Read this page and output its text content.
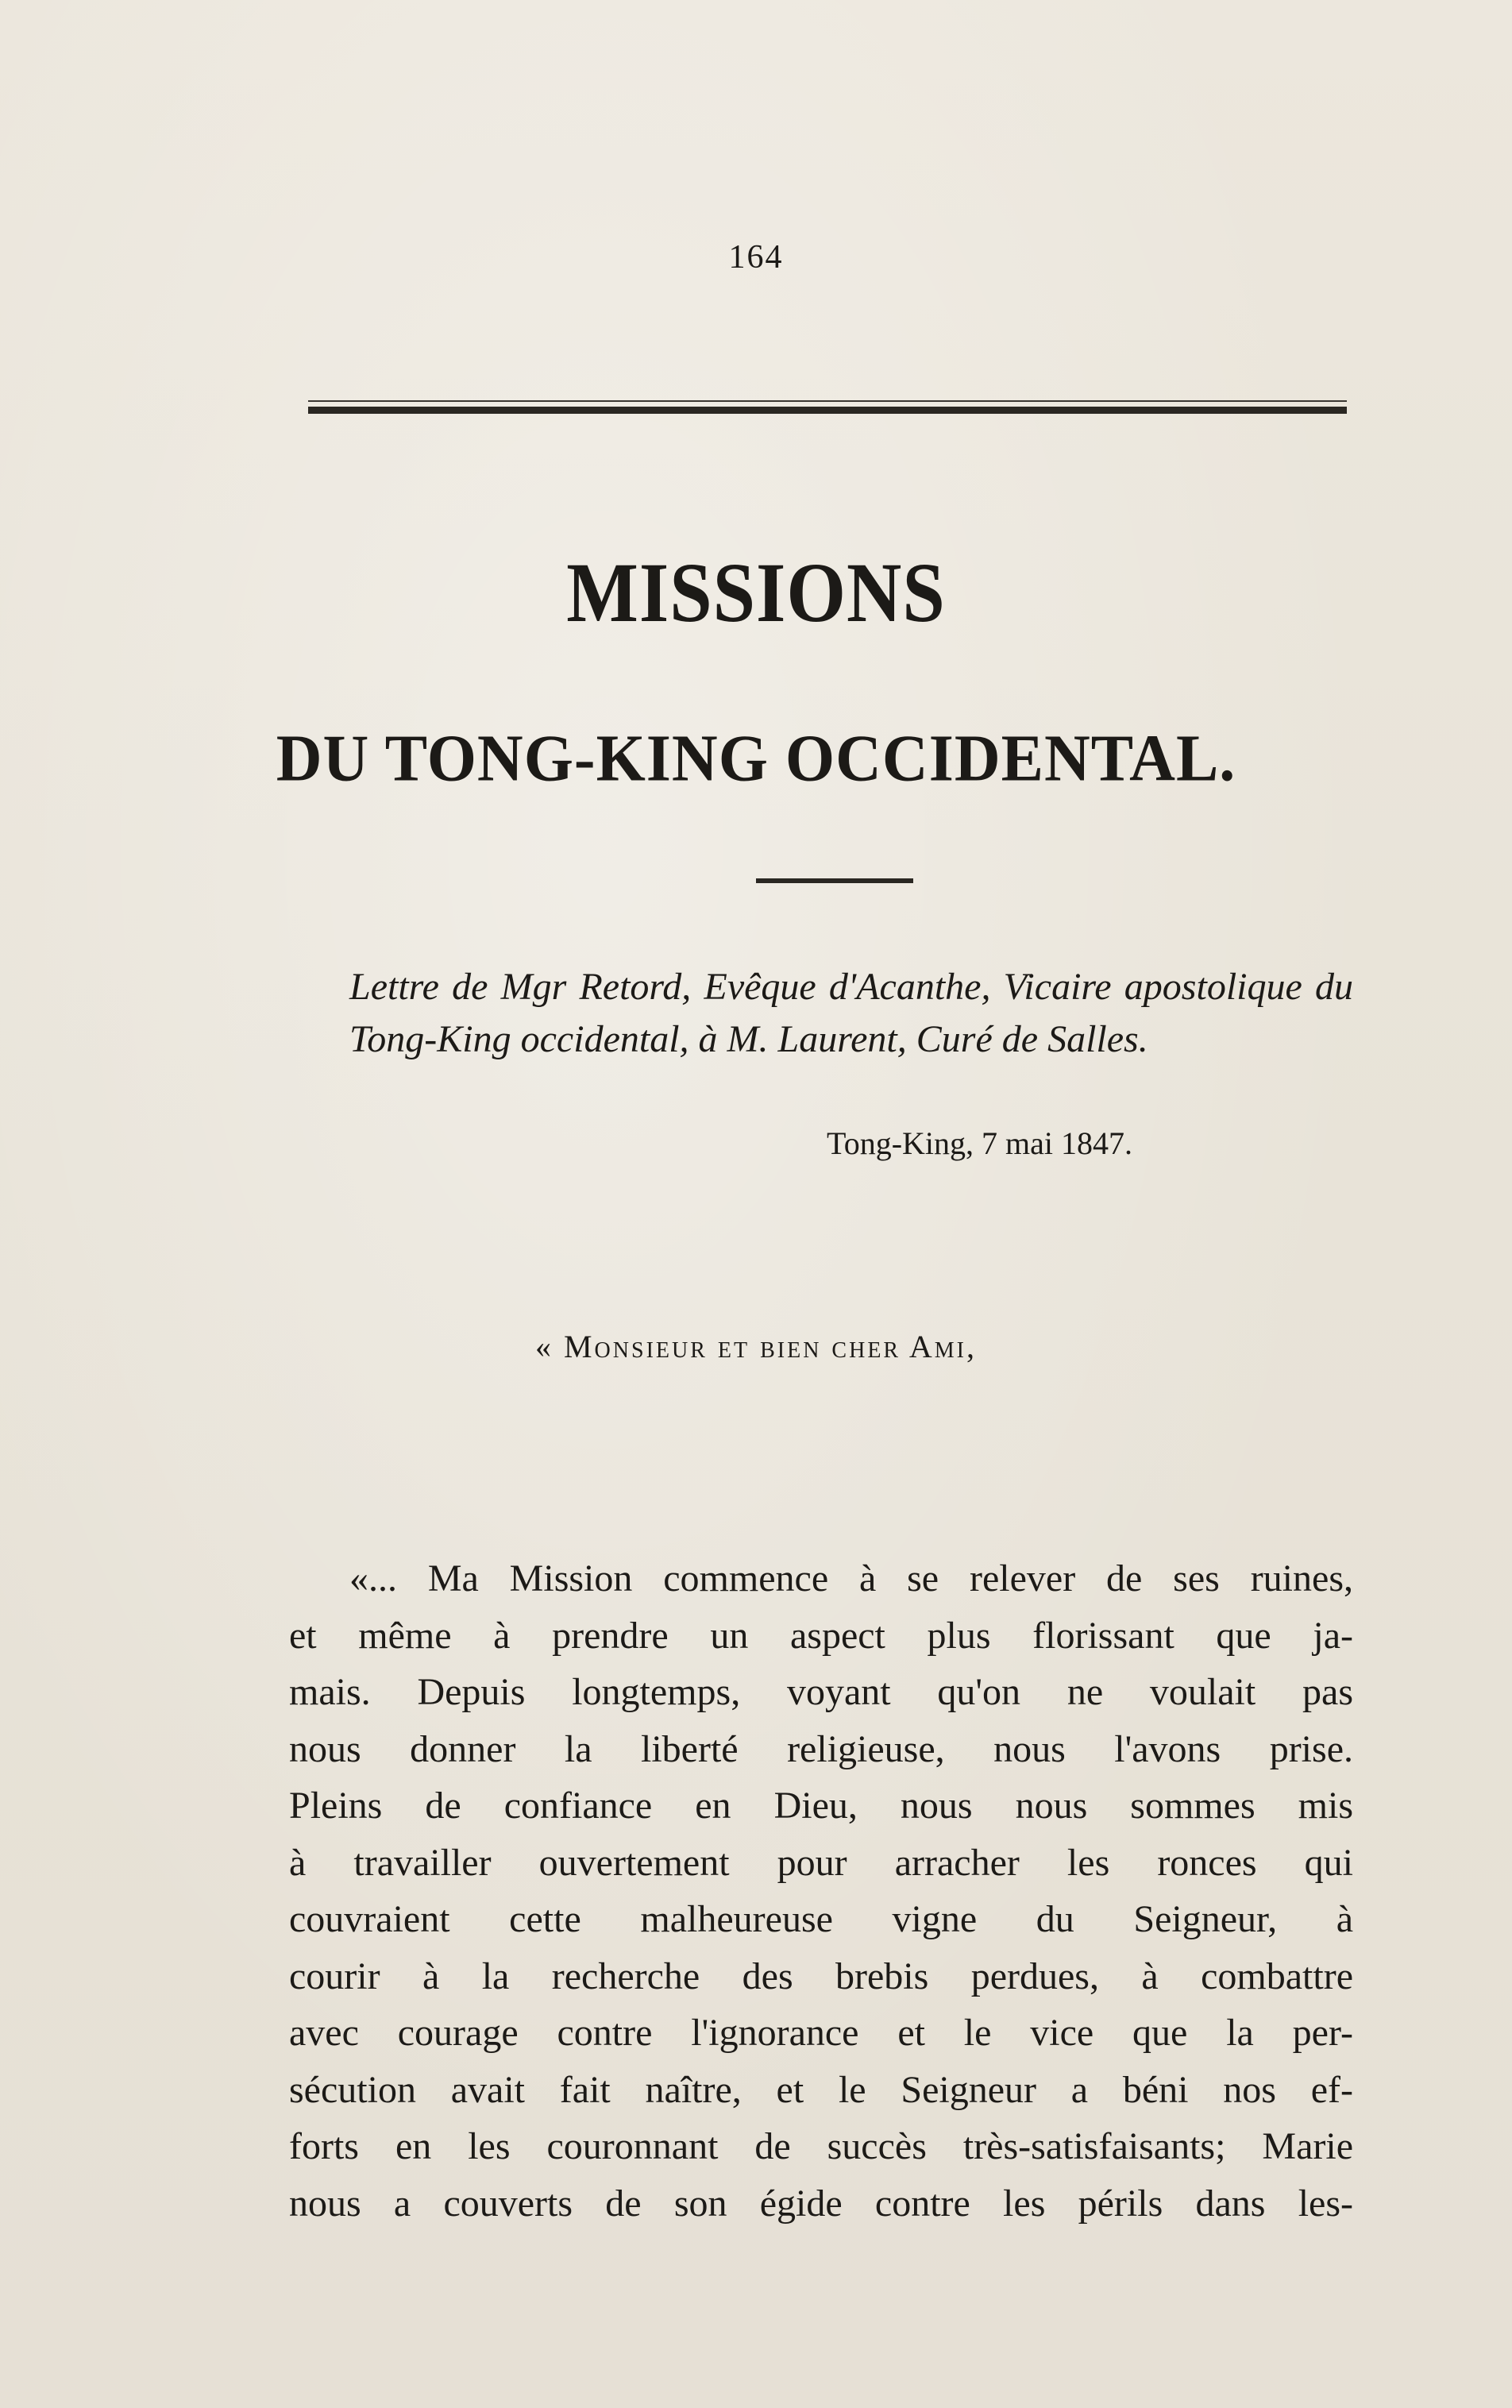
164
MISSIONS
DU TONG-KING OCCIDENTAL.
Lettre de Mgr Retord, Evêque d'Acanthe, Vicaire apostolique du Tong-King occidental, à M. Laurent, Curé de Salles.
Tong-King, 7 mai 1847.
« Monsieur et bien cher Ami,
«... Ma Mission commence à se relever de ses ruines,
et même à prendre un aspect plus florissant que ja-
mais. Depuis longtemps, voyant qu'on ne voulait pas
nous donner la liberté religieuse, nous l'avons prise.
Pleins de confiance en Dieu, nous nous sommes mis
à travailler ouvertement pour arracher les ronces qui
couvraient cette malheureuse vigne du Seigneur, à
courir à la recherche des brebis perdues, à combattre
avec courage contre l'ignorance et le vice que la per-
sécution avait fait naître, et le Seigneur a béni nos ef-
forts en les couronnant de succès très-satisfaisants; Marie
nous a couverts de son égide contre les périls dans les-
